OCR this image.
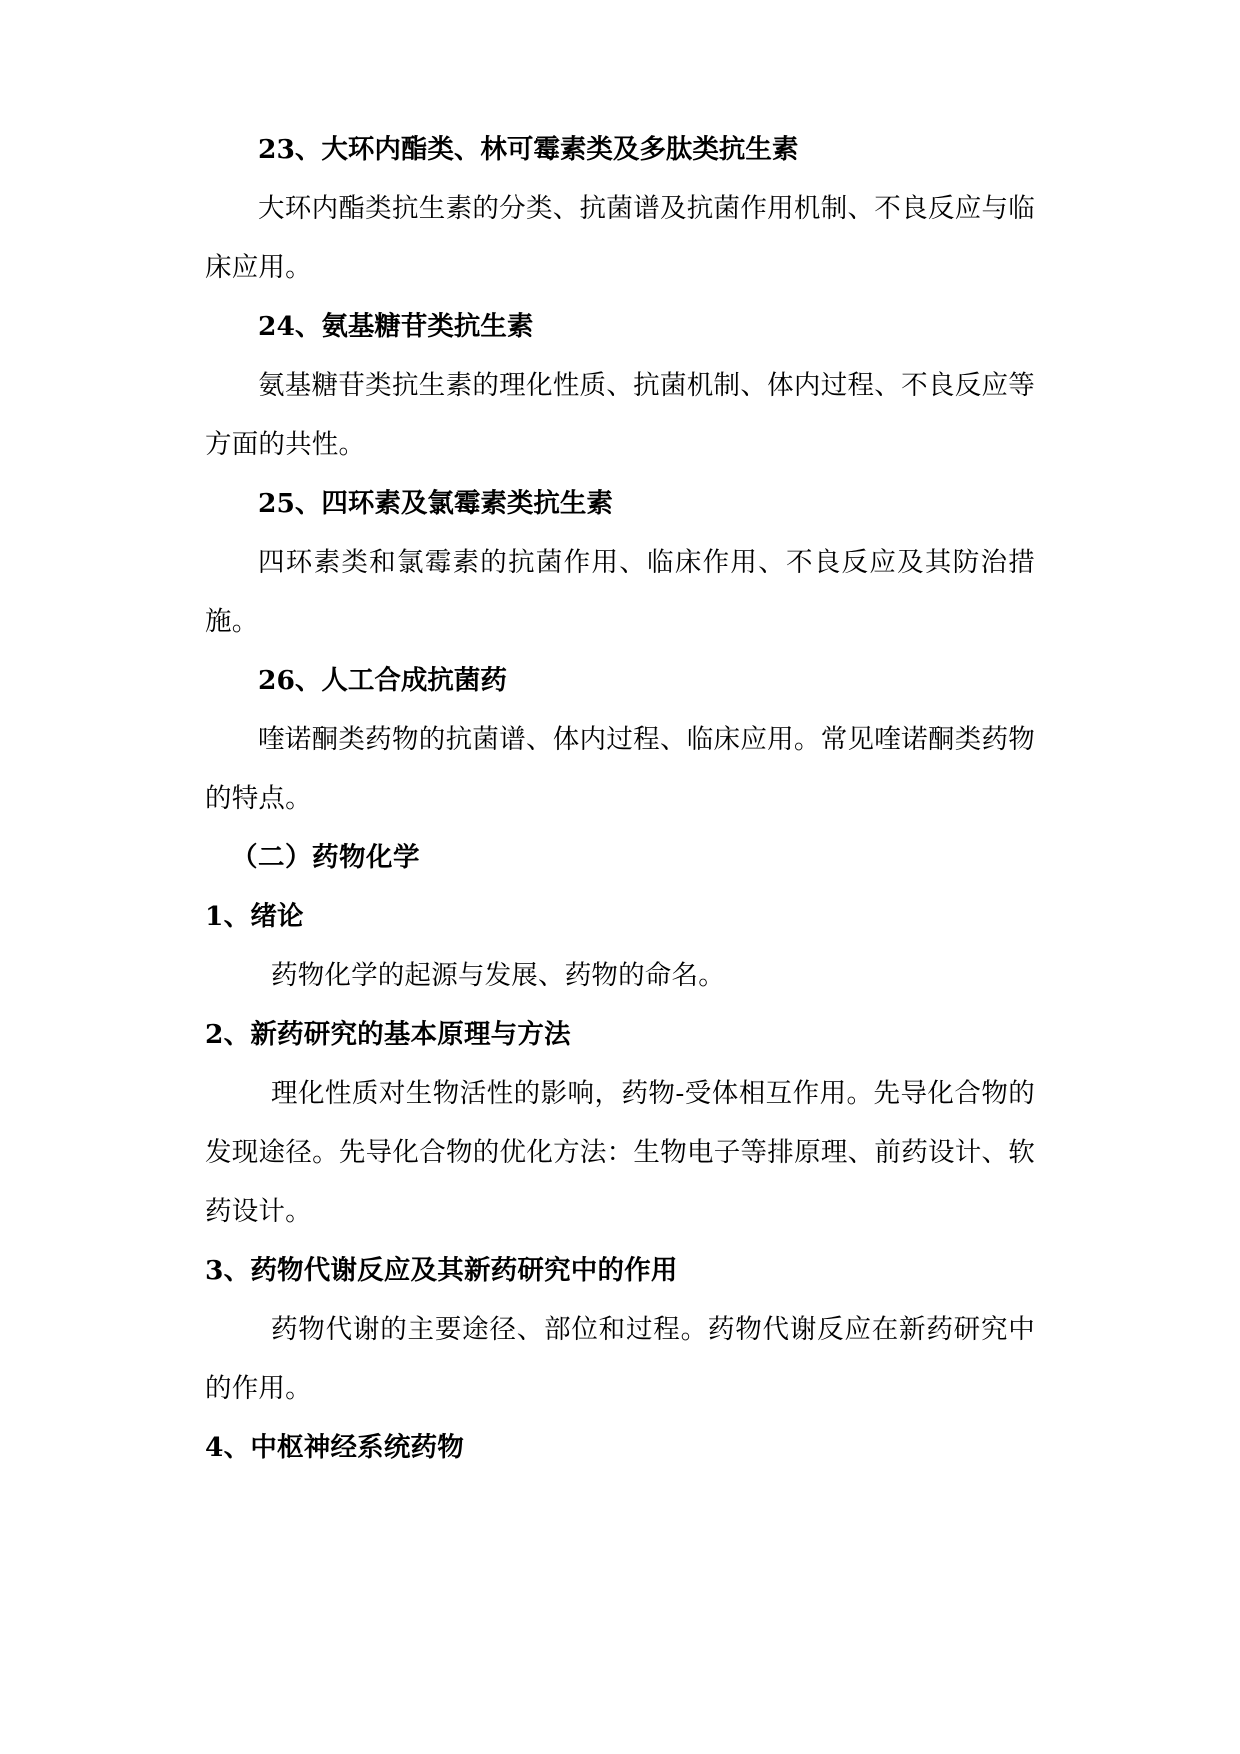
23、大环内酯类、林可霉素类及多肽类抗生素

大环内酯类抗生素的分类、抗菌谱及抗菌作用机制、不良反应与临床应用。

24、氨基糖苷类抗生素

氨基糖苷类抗生素的理化性质、抗菌机制、体内过程、不良反应等方面的共性。

25、四环素及氯霉素类抗生素

四环素类和氯霉素的抗菌作用、临床作用、不良反应及其防治措施。

26、人工合成抗菌药

喹诺酮类药物的抗菌谱、体内过程、临床应用。常见喹诺酮类药物的特点。

（二）药物化学

1、绪论

药物化学的起源与发展、药物的命名。

2、新药研究的基本原理与方法

理化性质对生物活性的影响，药物-受体相互作用。先导化合物的发现途径。先导化合物的优化方法：生物电子等排原理、前药设计、软药设计。

3、药物代谢反应及其新药研究中的作用

药物代谢的主要途径、部位和过程。药物代谢反应在新药研究中的作用。

4、中枢神经系统药物
